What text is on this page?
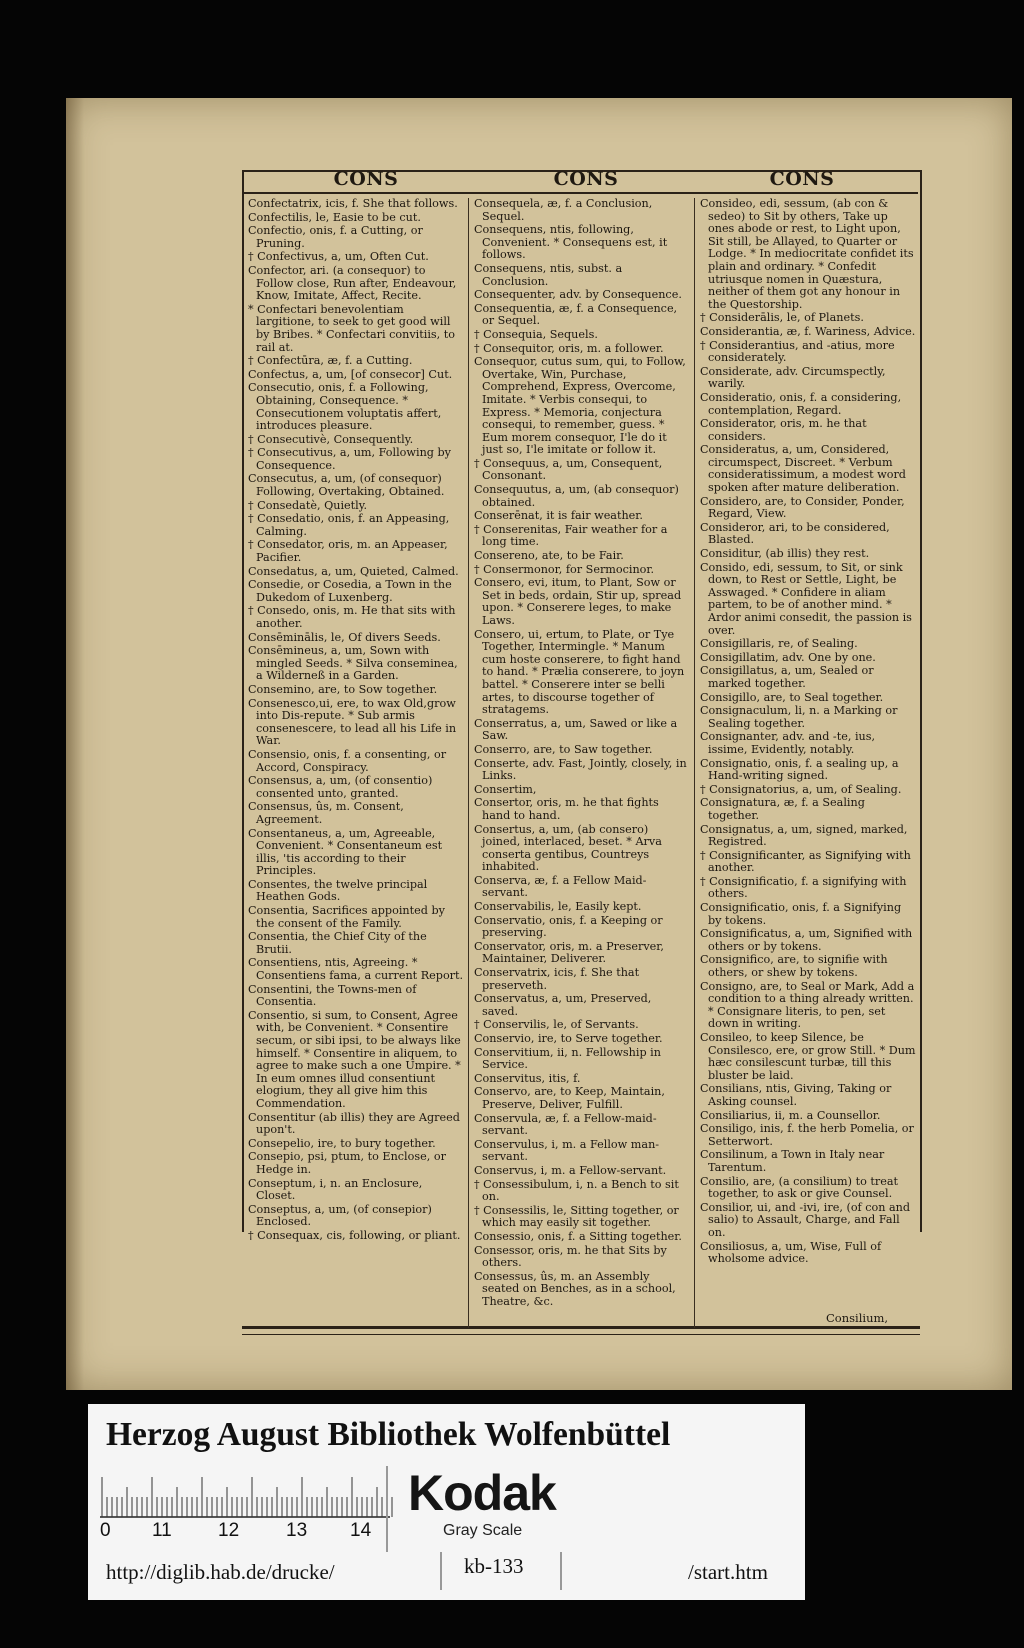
CONS	CONS	CONS

Confectatrix, icis, f. She that follows.

Confectilis, le, Easie to be cut.

Confectio, onis, f. a Cutting, or Pruning.

† Confectivus, a, um, Often Cut.

Confector, ari. (a consequor) to Follow close, Run after, Endeavour, Know, Imitate, Affect, Recite.

* Confectari benevolentiam largitione, to seek to get good will by Bribes. * Confectari convitiis, to rail at.

† Confectūra, æ, f. a Cutting.

Confectus, a, um, [of consecor] Cut.

Consecutio, onis, f. a Following, Obtaining, Consequence. * Consecutionem voluptatis affert, introduces pleasure.

† Consecutivè, Consequently.

† Consecutivus, a, um, Following by Consequence.

Consecutus, a, um, (of consequor) Following, Overtaking, Obtained.

† Consedatè, Quietly.

† Consedatio, onis, f. an Appeasing, Calming.

† Consedator, oris, m. an Appeaser, Pacifier.

Consedatus, a, um, Quieted, Calmed.

Consedie, or Cosedia, a Town in the Dukedom of Luxenberg.

† Consedo, onis, m. He that sits with another.

Consēminālis, le, Of divers Seeds.

Consēmineus, a, um, Sown with mingled Seeds. * Silva conseminea, a Wilderneß in a Garden.

Consemino, are, to Sow together.

Consenesco,ui, ere, to wax Old,grow into Dis-repute. * Sub armis consenescere, to lead all his Life in War.

Consensio, onis, f. a consenting, or Accord, Conspiracy.

Consensus, a, um, (of consentio) consented unto, granted.

Consensus, ûs, m. Consent, Agreement.

Consentaneus, a, um, Agreeable, Convenient. * Consentaneum est illis, 'tis according to their Principles.

Consentes, the twelve principal Heathen Gods.

Consentia, Sacrifices appointed by the consent of the Family.

Consentia, the Chief City of the Brutii.

Consentiens, ntis, Agreeing. * Consentiens fama, a current Report.

Consentini, the Towns-men of Consentia.

Consentio, si sum, to Consent, Agree with, be Convenient. * Consentire secum, or sibi ipsi, to be always like himself. * Consentire in aliquem, to agree to make such a one Umpire. * In eum omnes illud consentiunt elogium, they all give him this Commendation.

Consentitur (ab illis) they are Agreed upon't.

Consepelio, ire, to bury together.

Consepio, psi, ptum, to Enclose, or Hedge in.

Conseptum, i, n. an Enclosure, Closet.

Conseptus, a, um, (of consepior) Enclosed.

† Consequax, cis, following, or pliant.

Consequela, æ, f. a Conclusion, Sequel.

Consequens, ntis, following, Convenient. * Consequens est, it follows.

Consequens, ntis, subst. a Conclusion.

Consequenter, adv. by Consequence.

Consequentia, æ, f. a Consequence, or Sequel.

† Consequia, Sequels.

† Consequitor, oris, m. a follower.

Consequor, cutus sum, qui, to Follow, Overtake, Win, Purchase, Comprehend, Express, Overcome, Imitate. * Verbis consequi, to Express. * Memoria, conjectura consequi, to remember, guess. * Eum morem consequor, I'le do it just so, I'le imitate or follow it.

† Consequus, a, um, Consequent, Consonant.

Consequutus, a, um, (ab consequor) obtained.

Conserēnat, it is fair weather.

† Conserenitas, Fair weather for a long time.

Consereno, ate, to be Fair.

† Consermonor, for Sermocinor.

Consero, evi, itum, to Plant, Sow or Set in beds, ordain, Stir up, spread upon. * Conserere leges, to make Laws.

Consero, ui, ertum, to Plate, or Tye Together, Intermingle. * Manum cum hoste conserere, to fight hand to hand. * Prælia conserere, to joyn battel. * Conserere inter se belli artes, to discourse together of stratagems.

Conserratus, a, um, Sawed or like a Saw.

Conserro, are, to Saw together.

Conserte, adv. Fast, Jointly, closely, in Links.

Consertim,

Consertor, oris, m. he that fights hand to hand.

Consertus, a, um, (ab consero) joined, interlaced, beset. * Arva conserta gentibus, Countreys inhabited.

Conserva, æ, f. a Fellow Maid-servant.

Conservabilis, le, Easily kept.

Conservatio, onis, f. a Keeping or preserving.

Conservator, oris, m. a Preserver, Maintainer, Deliverer.

Conservatrix, icis, f. She that preserveth.

Conservatus, a, um, Preserved, saved.

† Conservilis, le, of Servants.

Conservio, ire, to Serve together.

Conservitium, ii, n. Fellowship in Service.

Conservitus, itis, f.

Conservo, are, to Keep, Maintain, Preserve, Deliver, Fulfill.

Conservula, æ, f. a Fellow-maid-servant.

Conservulus, i, m. a Fellow man-servant.

Conservus, i, m. a Fellow-servant.

† Consessibulum, i, n. a Bench to sit on.

† Consessilis, le, Sitting together, or which may easily sit together.

Consessio, onis, f. a Sitting together.

Consessor, oris, m. he that Sits by others.

Consessus, ûs, m. an Assembly seated on Benches, as in a school, Theatre, &c.

Consideo, edi, sessum, (ab con & sedeo) to Sit by others, Take up ones abode or rest, to Light upon, Sit still, be Allayed, to Quarter or Lodge. * In mediocritate confidet its plain and ordinary. * Confedit utriusque nomen in Quæstura, neither of them got any honour in the Questorship.

† Considerālis, le, of Planets.

Considerantia, æ, f. Wariness, Advice.

† Considerantius, and -atius, more considerately.

Considerate, adv. Circumspectly, warily.

Consideratio, onis, f. a considering, contemplation, Regard.

Considerator, oris, m. he that considers.

Consideratus, a, um, Considered, circumspect, Discreet. * Verbum consideratissimum, a modest word spoken after mature deliberation.

Considero, are, to Consider, Ponder, Regard, View.

Consideror, ari, to be considered, Blasted.

Considitur, (ab illis) they rest.

Consido, edi, sessum, to Sit, or sink down, to Rest or Settle, Light, be Asswaged. * Confidere in aliam partem, to be of another mind. * Ardor animi consedit, the passion is over.

Consigillaris, re, of Sealing.

Consigillatim, adv. One by one.

Consigillatus, a, um, Sealed or marked together.

Consigillo, are, to Seal together.

Consignaculum, li, n. a Marking or Sealing together.

Consignanter, adv. and -te, ius, issime, Evidently, notably.

Consignatio, onis, f. a sealing up, a Hand-writing signed.

† Consignatorius, a, um, of Sealing.

Consignatura, æ, f. a Sealing together.

Consignatus, a, um, signed, marked, Registred.

† Consignificanter, as Signifying with another.

† Consignificatio, f. a signifying with others.

Consignificatio, onis, f. a Signifying by tokens.

Consignificatus, a, um, Signified with others or by tokens.

Consignifico, are, to signifie with others, or shew by tokens.

Consigno, are, to Seal or Mark, Add a condition to a thing already written. * Consignare literis, to pen, set down in writing.

Consileo, to keep Silence, be Consilesco, ere, or grow Still. * Dum hæc consilescunt turbæ, till this bluster be laid.

Consilians, ntis, Giving, Taking or Asking counsel.

Consiliarius, ii, m. a Counsellor.

Consiligo, inis, f. the herb Pomelia, or Setterwort.

Consilinum, a Town in Italy near Tarentum.

Consilio, are, (a consilium) to treat together, to ask or give Counsel.

Consilior, ui, and -ivi, ire, (of con and salio) to Assault, Charge, and Fall on.

Consiliosus, a, um, Wise, Full of wholsome advice.

Consilium,
Herzog August Bibliothek Wolfenbüttel
0 11 12 13 14
Kodak
Gray Scale
http://diglib.hab.de/drucke/	kb-133	/start.htm
